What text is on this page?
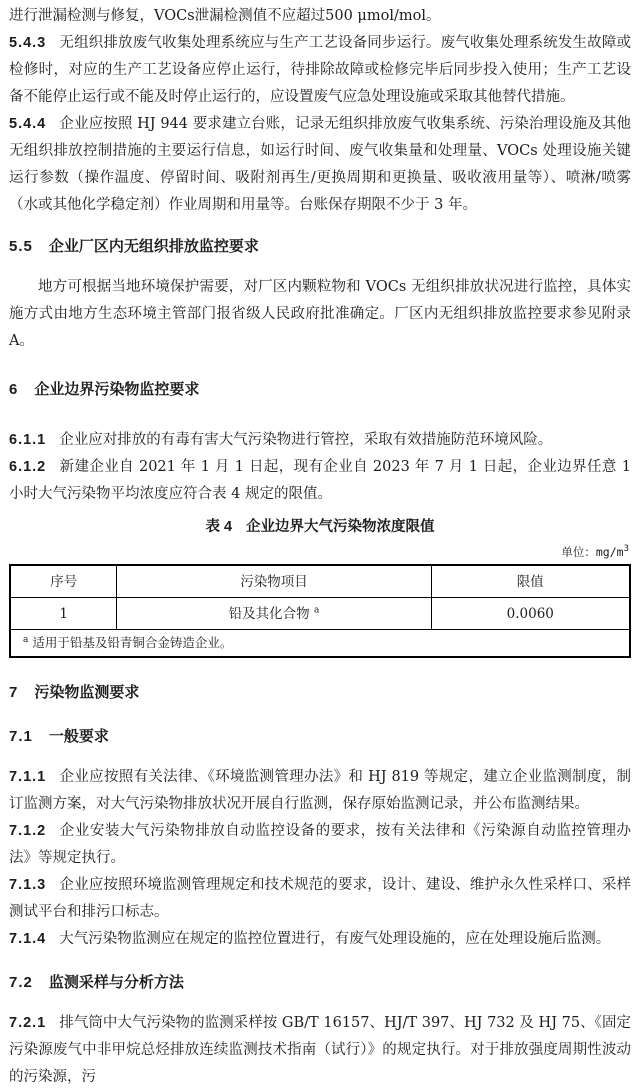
进行泄漏检测与修复，VOCs泄漏检测值不应超过500 μmol/mol。

5.4.3 无组织排放废气收集处理系统应与生产工艺设备同步运行。废气收集处理系统发生故障或检修时，对应的生产工艺设备应停止运行，待排除故障或检修完毕后同步投入使用；生产工艺设备不能停止运行或不能及时停止运行的，应设置废气应急处理设施或采取其他替代措施。

5.4.4 企业应按照 HJ 944 要求建立台账，记录无组织排放废气收集系统、污染治理设施及其他无组织排放控制措施的主要运行信息，如运行时间、废气收集量和处理量、VOCs 处理设施关键运行参数（操作温度、停留时间、吸附剂再生/更换周期和更换量、吸收液用量等）、喷淋/喷雾（水或其他化学稳定剂）作业周期和用量等。台账保存期限不少于 3 年。

5.5 企业厂区内无组织排放监控要求

地方可根据当地环境保护需要，对厂区内颗粒物和 VOCs 无组织排放状况进行监控，具体实施方式由地方生态环境主管部门报省级人民政府批准确定。厂区内无组织排放监控要求参见附录 A。

6 企业边界污染物监控要求

6.1.1 企业应对排放的有毒有害大气污染物进行管控，采取有效措施防范环境风险。

6.1.2 新建企业自 2021 年 1 月 1 日起，现有企业自 2023 年 7 月 1 日起，企业边界任意 1 小时大气污染物平均浓度应符合表 4 规定的限值。

表 4 企业边界大气污染物浓度限值
单位：$mg/m^3$
序号	污染物项目	限值
1	铅及其化合物 $^a$	0.0060
$^a$ 适用于铅基及铅青铜合金铸造企业。		
7 污染物监测要求
7.1 一般要求

7.1.1 企业应按照有关法律、《环境监测管理办法》和 HJ 819 等规定，建立企业监测制度，制订监测方案，对大气污染物排放状况开展自行监测，保存原始监测记录，并公布监测结果。

7.1.2 企业安装大气污染物排放自动监控设备的要求，按有关法律和《污染源自动监控管理办法》等规定执行。

7.1.3 企业应按照环境监测管理规定和技术规范的要求，设计、建设、维护永久性采样口、采样测试平台和排污口标志。

7.1.4 大气污染物监测应在规定的监控位置进行，有废气处理设施的，应在处理设施后监测。

7.2 监测采样与分析方法

7.2.1 排气筒中大气污染物的监测采样按 GB/T 16157、HJ/T 397、HJ 732 及 HJ 75、《固定污染源废气中非甲烷总烃排放连续监测技术指南（试行）》的规定执行。对于排放强度周期性波动的污染源，污
